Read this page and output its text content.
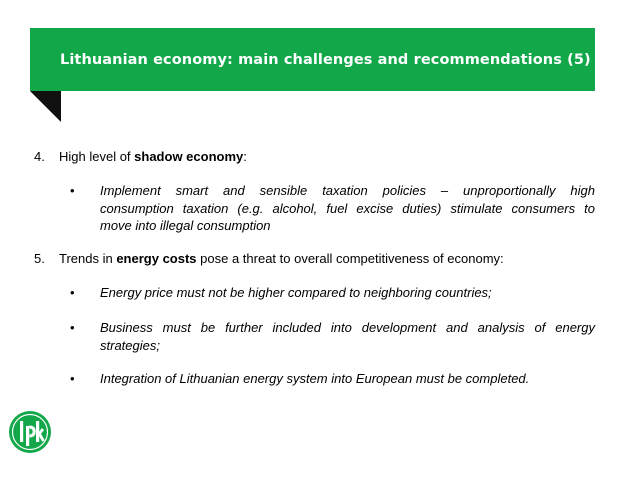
Lithuanian economy: main challenges and recommendations (5)
4. High level of shadow economy:
• Implement smart and sensible taxation policies – unproportionally high
consumption taxation (e.g. alcohol, fuel excise duties) stimulate consumers to
move into illegal consumption
5. Trends in energy costs pose a threat to overall competitiveness of economy:
• Energy price must not be higher compared to neighboring countries;
• Business must be further included into development and analysis of energy
strategies;
• Integration of Lithuanian energy system into European must be completed.
